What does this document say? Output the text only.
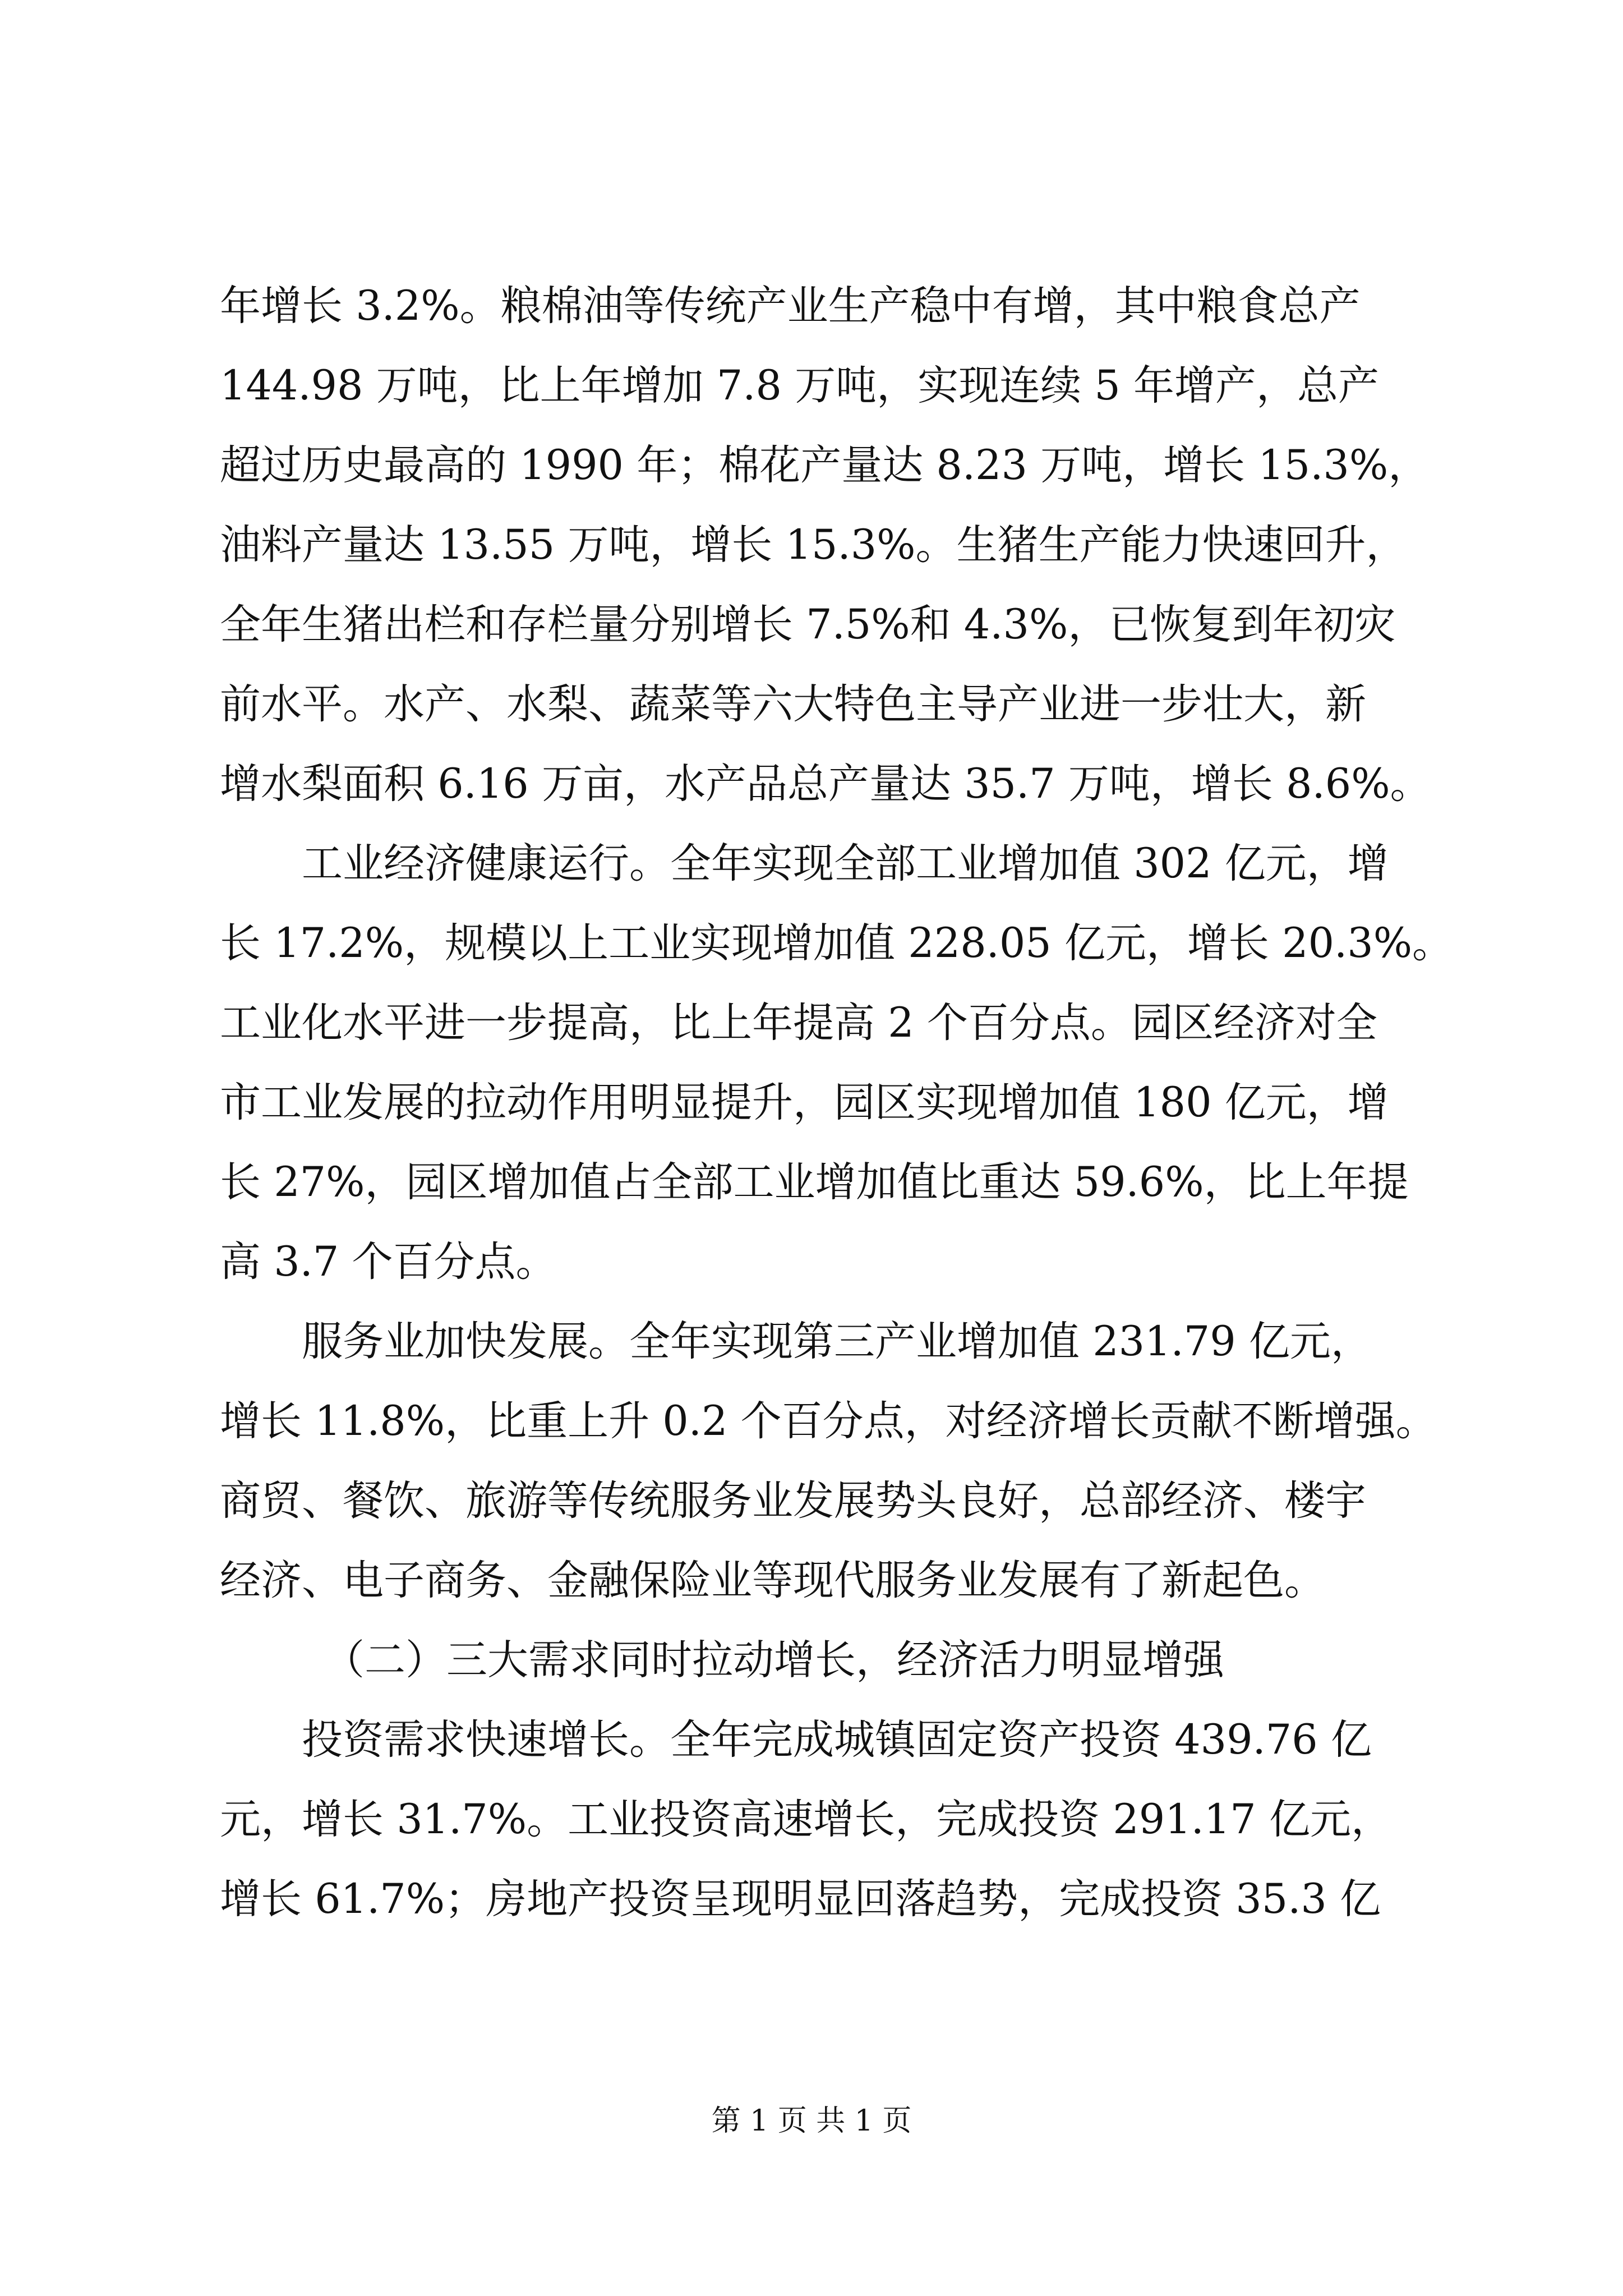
年增长 3.2%。粮棉油等传统产业生产稳中有增，其中粮食总产
144.98 万吨，比上年增加 7.8 万吨，实现连续 5 年增产，总产
超过历史最高的 1990 年；棉花产量达 8.23 万吨，增长 15.3%，
油料产量达 13.55 万吨，增长 15.3%。生猪生产能力快速回升，
全年生猪出栏和存栏量分别增长 7.5%和 4.3%，已恢复到年初灾
前水平。水产、水梨、蔬菜等六大特色主导产业进一步壮大，新
增水梨面积 6.16 万亩，水产品总产量达 35.7 万吨，增长 8.6%。
工业经济健康运行。全年实现全部工业增加值 302 亿元，增
长 17.2%，规模以上工业实现增加值 228.05 亿元，增长 20.3%。
工业化水平进一步提高，比上年提高 2 个百分点。园区经济对全
市工业发展的拉动作用明显提升，园区实现增加值 180 亿元，增
长 27%，园区增加值占全部工业增加值比重达 59.6%，比上年提
高 3.7 个百分点。
服务业加快发展。全年实现第三产业增加值 231.79 亿元，
增长 11.8%，比重上升 0.2 个百分点，对经济增长贡献不断增强。
商贸、餐饮、旅游等传统服务业发展势头良好，总部经济、楼宇
经济、电子商务、金融保险业等现代服务业发展有了新起色。
（二）三大需求同时拉动增长，经济活力明显增强
投资需求快速增长。全年完成城镇固定资产投资 439.76 亿
元，增长 31.7%。工业投资高速增长，完成投资 291.17 亿元，
增长 61.7%；房地产投资呈现明显回落趋势，完成投资 35.3 亿
第 1 页 共 1 页
